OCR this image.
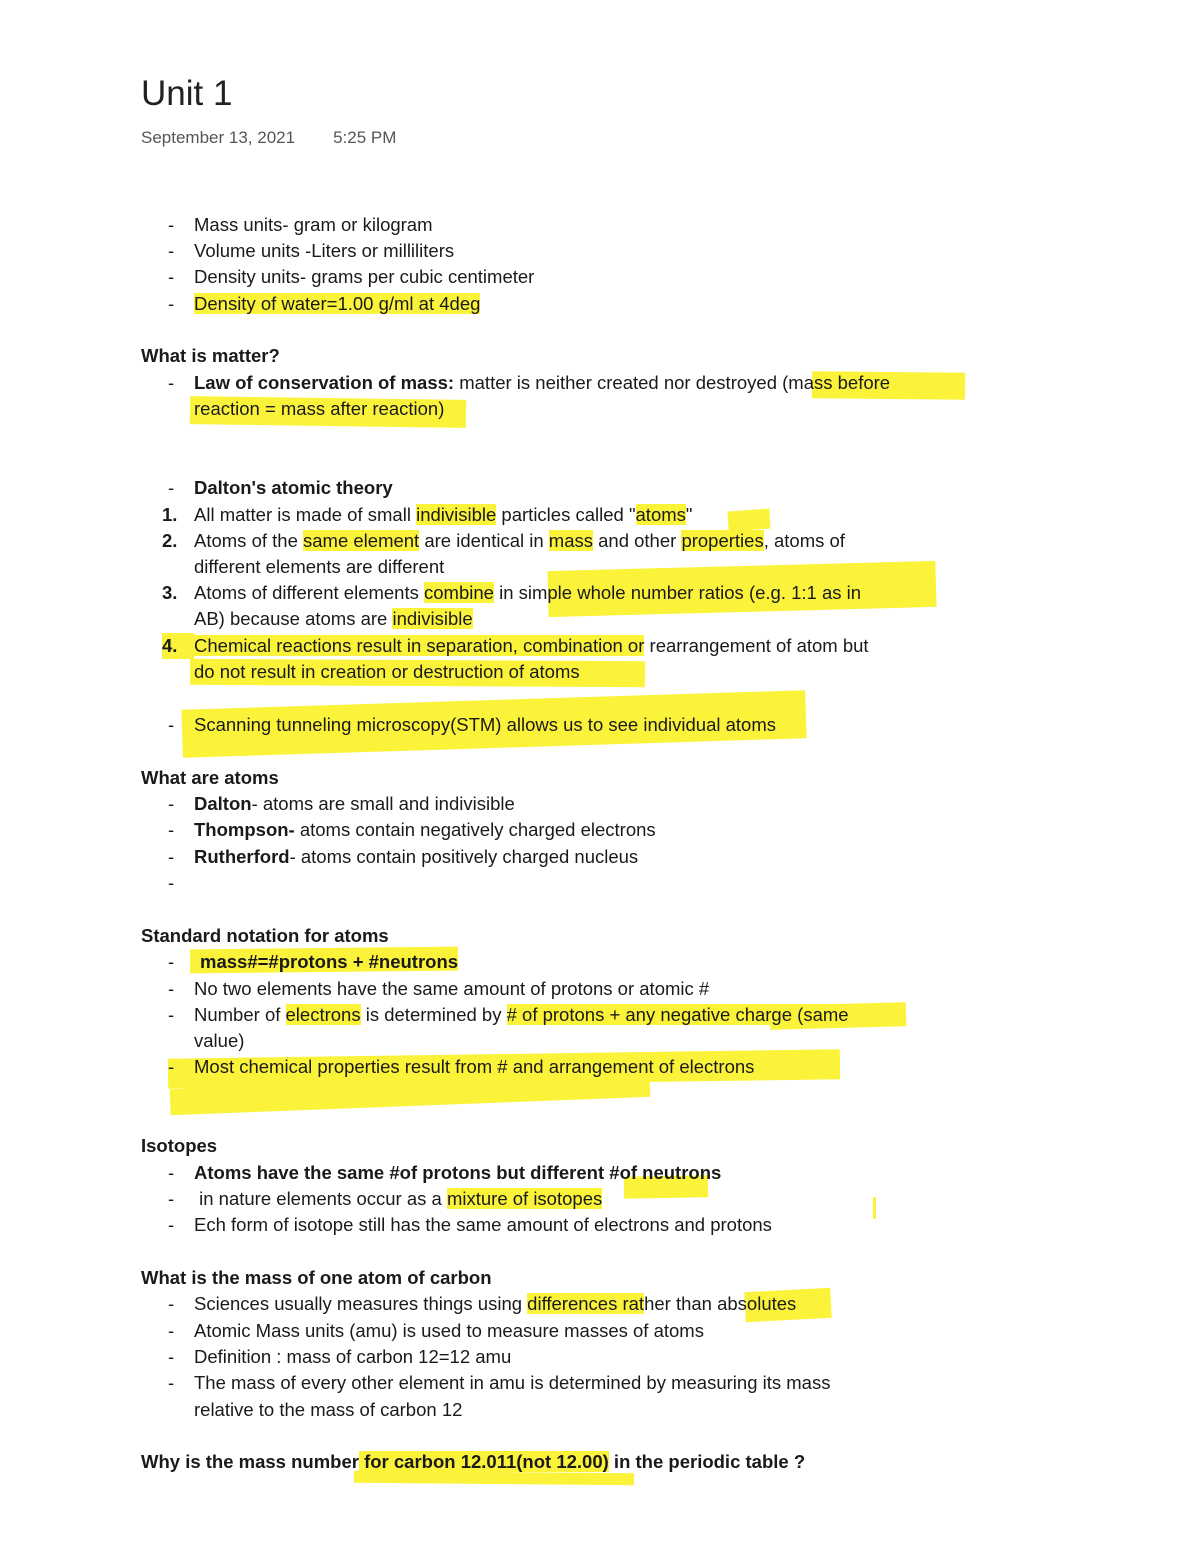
Unit 1
September 13, 2021 5:25 PM
- Mass units- gram or kilogram
- Volume units -Liters or milliliters
- Density units- grams per cubic centimeter
- Density of water=1.00 g/ml at 4deg
What is matter?
- Law of conservation of mass: matter is neither created nor destroyed (mass before
reaction = mass after reaction)
- Dalton's atomic theory
1. All matter is made of small indivisible particles called "atoms"
2. Atoms of the same element are identical in mass and other properties, atoms of
different elements are different
3. Atoms of different elements combine in simple whole number ratios (e.g. 1:1 as in
AB) because atoms are indivisible
4. Chemical reactions result in separation, combination or rearrangement of atom but
do not result in creation or destruction of atoms
- Scanning tunneling microscopy(STM) allows us to see individual atoms
What are atoms
- Dalton- atoms are small and indivisible
- Thompson- atoms contain negatively charged electrons
- Rutherford- atoms contain positively charged nucleus
-
Standard notation for atoms
- mass#=#protons + #neutrons
- No two elements have the same amount of protons or atomic #
- Number of electrons is determined by # of protons + any negative charge (same
value)
- Most chemical properties result from # and arrangement of electrons
Isotopes
- Atoms have the same #of protons but different #of neutrons
- in nature elements occur as a mixture of isotopes
- Ech form of isotope still has the same amount of electrons and protons
What is the mass of one atom of carbon
- Sciences usually measures things using differences rather than absolutes
- Atomic Mass units (amu) is used to measure masses of atoms
- Definition : mass of carbon 12=12 amu
- The mass of every other element in amu is determined by measuring its mass
relative to the mass of carbon 12
Why is the mass number for carbon 12.011(not 12.00) in the periodic table ?
